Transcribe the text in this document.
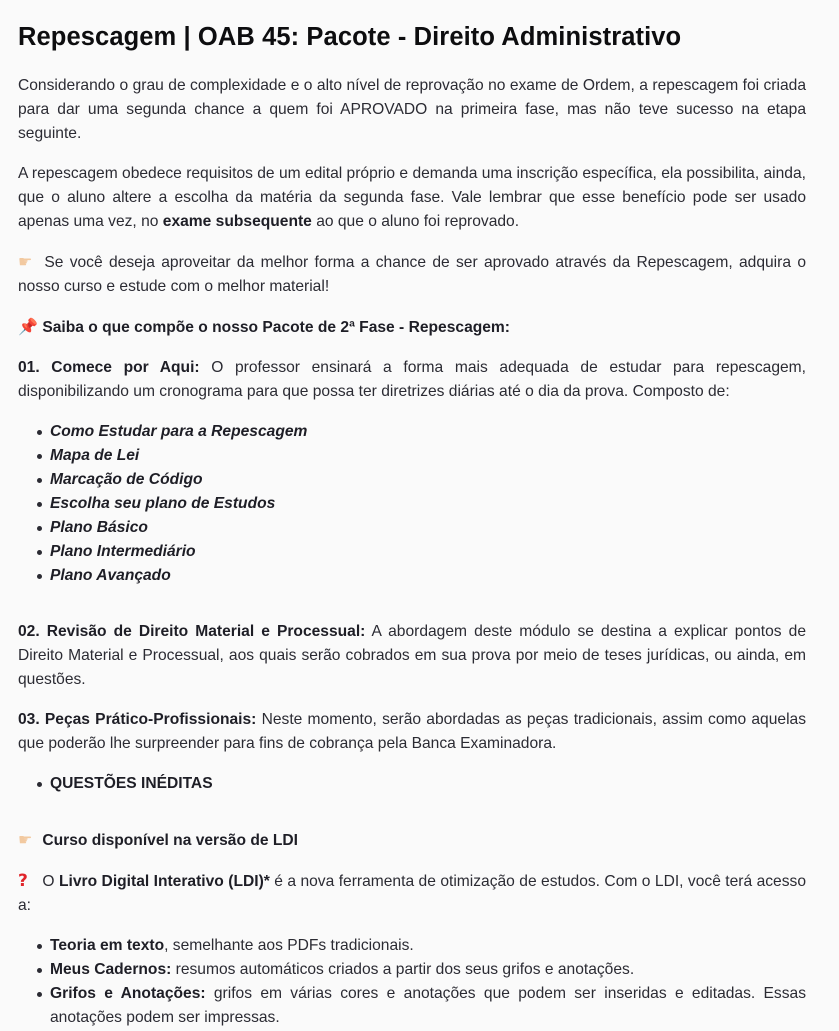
Repescagem | OAB 45: Pacote - Direito Administrativo

Considerando o grau de complexidade e o alto nível de reprovação no exame de Ordem, a repescagem foi criada para dar uma segunda chance a quem foi APROVADO na primeira fase, mas não teve sucesso na etapa seguinte.

A repescagem obedece requisitos de um edital próprio e demanda uma inscrição específica, ela possibilita, ainda, que o aluno altere a escolha da matéria da segunda fase. Vale lembrar que esse benefício pode ser usado apenas uma vez, no exame subsequente ao que o aluno foi reprovado.

☛ Se você deseja aproveitar da melhor forma a chance de ser aprovado através da Repescagem, adquira o nosso curso e estude com o melhor material!

📌 Saiba o que compõe o nosso Pacote de 2ª Fase - Repescagem:

01. Comece por Aqui: O professor ensinará a forma mais adequada de estudar para repescagem, disponibilizando um cronograma para que possa ter diretrizes diárias até o dia da prova. Composto de:

Como Estudar para a Repescagem
Mapa de Lei
Marcação de Código
Escolha seu plano de Estudos
Plano Básico
Plano Intermediário
Plano Avançado

02. Revisão de Direito Material e Processual: A abordagem deste módulo se destina a explicar pontos de Direito Material e Processual, aos quais serão cobrados em sua prova por meio de teses jurídicas, ou ainda, em questões.

03. Peças Prático-Profissionais: Neste momento, serão abordadas as peças tradicionais, assim como aquelas que poderão lhe surpreender para fins de cobrança pela Banca Examinadora.

QUESTÕES INÉDITAS

☛ Curso disponível na versão de LDI

? O Livro Digital Interativo (LDI)* é a nova ferramenta de otimização de estudos. Com o LDI, você terá acesso a:

Teoria em texto, semelhante aos PDFs tradicionais.
Meus Cadernos: resumos automáticos criados a partir dos seus grifos e anotações.
Grifos e Anotações: grifos em várias cores e anotações que podem ser inseridas e editadas. Essas anotações podem ser impressas.
